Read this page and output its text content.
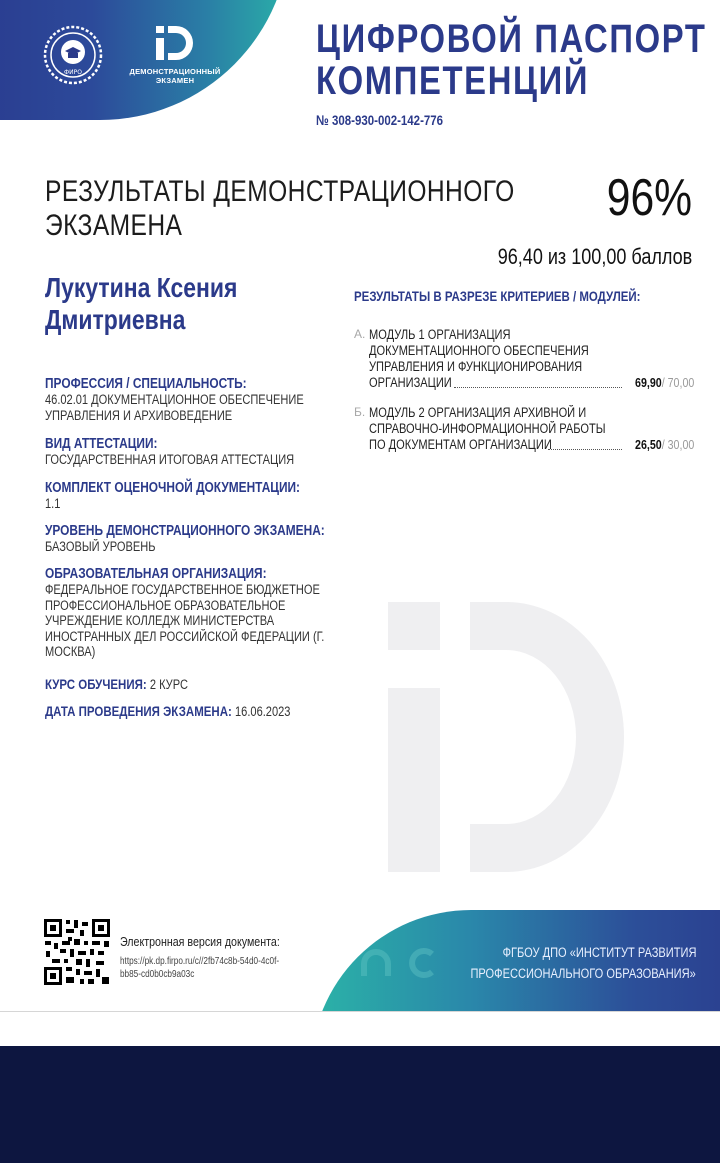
ФИРО	ДЕМОНСТРАЦИОННЫЙ
ЭКЗАМЕН
ЦИФРОВОЙ ПАСПОРТ
КОМПЕТЕНЦИЙ
№ 308-930-002-142-776
РЕЗУЛЬТАТЫ ДЕМОНСТРАЦИОННОГО
ЭКЗАМЕНА	96%
96,40 из 100,00 баллов
Лукутина Ксения
Дмитриевна
ПРОФЕССИЯ / СПЕЦИАЛЬНОСТЬ:
46.02.01 ДОКУМЕНТАЦИОННОЕ ОБЕСПЕЧЕНИЕ
УПРАВЛЕНИЯ И АРХИВОВЕДЕНИЕ
ВИД АТТЕСТАЦИИ:
ГОСУДАРСТВЕННАЯ ИТОГОВАЯ АТТЕСТАЦИЯ
КОМПЛЕКТ ОЦЕНОЧНОЙ ДОКУМЕНТАЦИИ:
1.1
УРОВЕНЬ ДЕМОНСТРАЦИОННОГО ЭКЗАМЕНА:
БАЗОВЫЙ УРОВЕНЬ
ОБРАЗОВАТЕЛЬНАЯ ОРГАНИЗАЦИЯ:
ФЕДЕРАЛЬНОЕ ГОСУДАРСТВЕННОЕ БЮДЖЕТНОЕ
ПРОФЕССИОНАЛЬНОЕ ОБРАЗОВАТЕЛЬНОЕ
УЧРЕЖДЕНИЕ КОЛЛЕДЖ МИНИСТЕРСТВА
ИНОСТРАННЫХ ДЕЛ РОССИЙСКОЙ ФЕДЕРАЦИИ (Г.
МОСКВА)
КУРС ОБУЧЕНИЯ: 2 КУРС
ДАТА ПРОВЕДЕНИЯ ЭКЗАМЕНА: 16.06.2023
РЕЗУЛЬТАТЫ В РАЗРЕЗЕ КРИТЕРИЕВ / МОДУЛЕЙ:
А. МОДУЛЬ 1 ОРГАНИЗАЦИЯ
ДОКУМЕНТАЦИОННОГО ОБЕСПЕЧЕНИЯ
УПРАВЛЕНИЯ И ФУНКЦИОНИРОВАНИЯ
ОРГАНИЗАЦИИ	69,90/ 70,00
Б. МОДУЛЬ 2 ОРГАНИЗАЦИЯ АРХИВНОЙ И
СПРАВОЧНО-ИНФОРМАЦИОННОЙ РАБОТЫ
ПО ДОКУМЕНТАМ ОРГАНИЗАЦИИ	26,50/ 30,00
Электронная версия документа:
https://pk.dp.firpo.ru/c//2fb74c8b-54d0-4c0f-
bb85-cd0b0cb9a03c
ФГБОУ ДПО «ИНСТИТУТ РАЗВИТИЯ
ПРОФЕССИОНАЛЬНОГО ОБРАЗОВАНИЯ»
